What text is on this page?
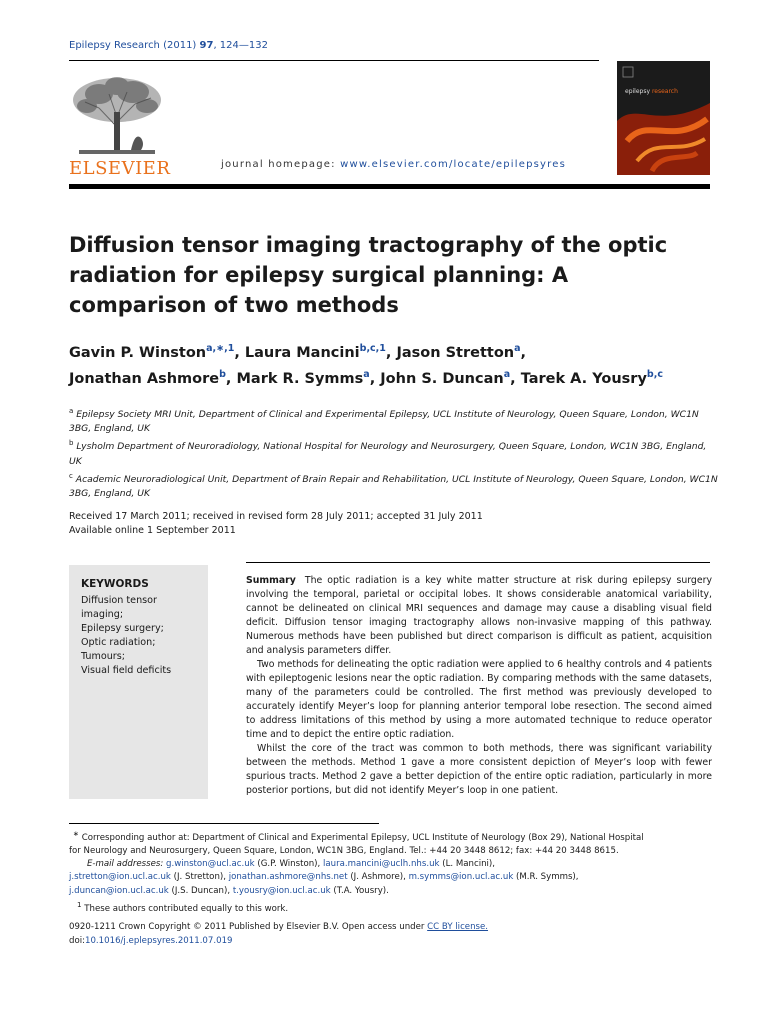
Epilepsy Research (2011) 97, 124—132
ELSEVIER	journal homepage: www.elsevier.com/locate/epilepsyres
epilepsy research
Diffusion tensor imaging tractography of the optic radiation for epilepsy surgical planning: A comparison of two methods
Gavin P. Winston$^{a,∗,1}$, Laura Mancini$^{b,c,1}$, Jason Stretton$^a$,
Jonathan Ashmore$^b$, Mark R. Symms$^a$, John S. Duncan$^a$, Tarek A. Yousry$^{b,c}$
$^a$ Epilepsy Society MRI Unit, Department of Clinical and Experimental Epilepsy, UCL Institute of Neurology, Queen Square, London, WC1N 3BG, England, UK
$^b$ Lysholm Department of Neuroradiology, National Hospital for Neurology and Neurosurgery, Queen Square, London, WC1N 3BG, England, UK
$^c$ Academic Neuroradiological Unit, Department of Brain Repair and Rehabilitation, UCL Institute of Neurology, Queen Square, London, WC1N 3BG, England, UK
Received 17 March 2011; received in revised form 28 July 2011; accepted 31 July 2011
Available online 1 September 2011
KEYWORDS
Diffusion tensor imaging;
Epilepsy surgery;
Optic radiation;
Tumours;
Visual field deficits

Summary The optic radiation is a key white matter structure at risk during epilepsy surgery involving the temporal, parietal or occipital lobes. It shows considerable anatomical variability, cannot be delineated on clinical MRI sequences and damage may cause a disabling visual field deficit. Diffusion tensor imaging tractography allows non-invasive mapping of this pathway. Numerous methods have been published but direct comparison is difficult as patient, acquisition and analysis parameters differ.

Two methods for delineating the optic radiation were applied to 6 healthy controls and 4 patients with epileptogenic lesions near the optic radiation. By comparing methods with the same datasets, many of the parameters could be controlled. The first method was previously developed to accurately identify Meyer’s loop for planning anterior temporal lobe resection. The second aimed to address limitations of this method by using a more automated technique to reduce operator time and to depict the entire optic radiation.

Whilst the core of the tract was common to both methods, there was significant variability between the methods. Method 1 gave a more consistent depiction of Meyer’s loop with fewer spurious tracts. Method 2 gave a better depiction of the entire optic radiation, particularly in more posterior portions, but did not identify Meyer’s loop in one patient.

∗ Corresponding author at: Department of Clinical and Experimental Epilepsy, UCL Institute of Neurology (Box 29), National Hospital
for Neurology and Neurosurgery, Queen Square, London, WC1N 3BG, England. Tel.: +44 20 3448 8612; fax: +44 20 3448 8615.
E-mail addresses: g.winston@ucl.ac.uk (G.P. Winston), laura.mancini@uclh.nhs.uk (L. Mancini),
j.stretton@ion.ucl.ac.uk (J. Stretton), jonathan.ashmore@nhs.net (J. Ashmore), m.symms@ion.ucl.ac.uk (M.R. Symms),
j.duncan@ion.ucl.ac.uk (J.S. Duncan), t.yousry@ion.ucl.ac.uk (T.A. Yousry).
$^1$ These authors contributed equally to this work.
0920-1211 Crown Copyright © 2011 Published by Elsevier B.V. Open access under CC BY license.
doi:10.1016/j.eplepsyres.2011.07.019
